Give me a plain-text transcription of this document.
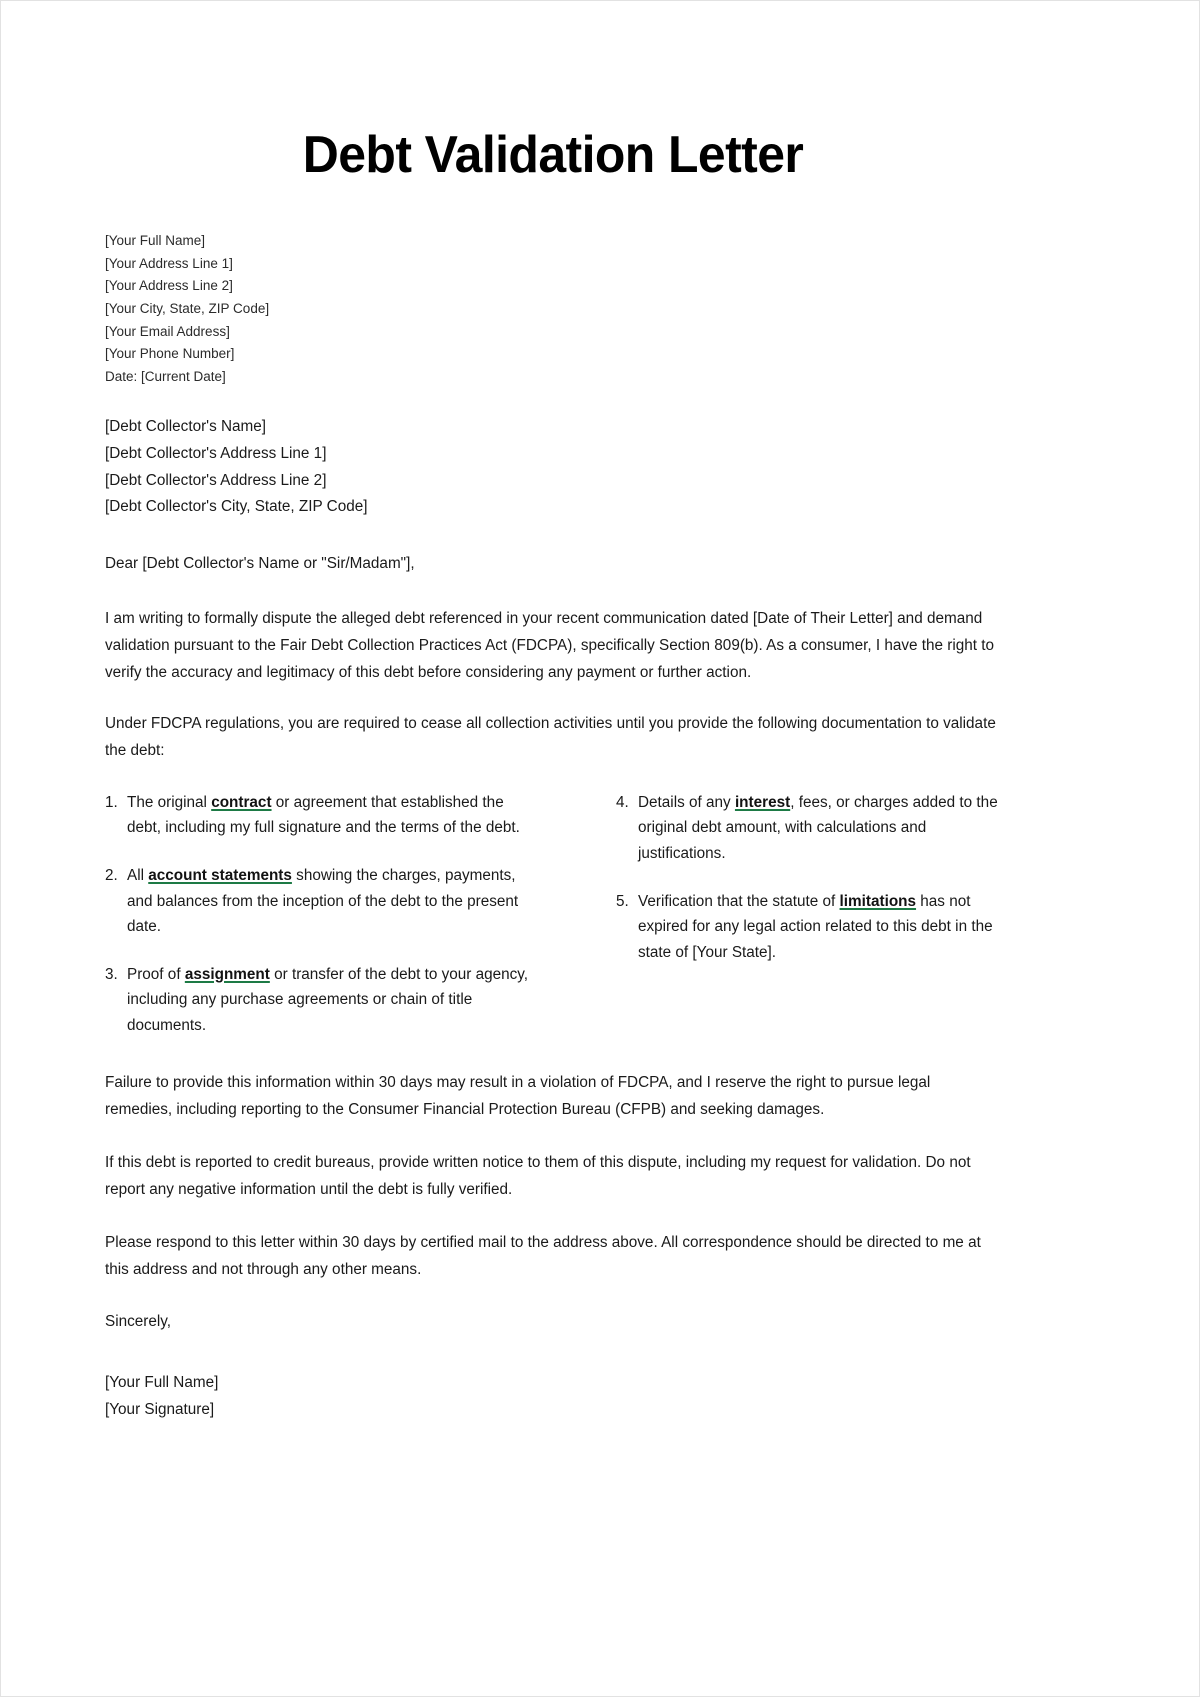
Debt Validation Letter
[Your Full Name]
[Your Address Line 1]
[Your Address Line 2]
[Your City, State, ZIP Code]
[Your Email Address]
[Your Phone Number]
Date: [Current Date]
[Debt Collector's Name]
[Debt Collector's Address Line 1]
[Debt Collector's Address Line 2]
[Debt Collector's City, State, ZIP Code]

Dear [Debt Collector's Name or "Sir/Madam"],

I am writing to formally dispute the alleged debt referenced in your recent communication dated [Date of Their Letter] and demand validation pursuant to the Fair Debt Collection Practices Act (FDCPA), specifically Section 809(b). As a consumer, I have the right to verify the accuracy and legitimacy of this debt before considering any payment or further action.

Under FDCPA regulations, you are required to cease all collection activities until you provide the following documentation to validate the debt:

1. The original contract or agreement that established the debt, including my full signature and the terms of the debt.
2. All account statements showing the charges, payments, and balances from the inception of the debt to the present date.
3. Proof of assignment or transfer of the debt to your agency, including any purchase agreements or chain of title documents.
4. Details of any interest, fees, or charges added to the original debt amount, with calculations and justifications.
5. Verification that the statute of limitations has not expired for any legal action related to this debt in the state of [Your State].

Failure to provide this information within 30 days may result in a violation of FDCPA, and I reserve the right to pursue legal remedies, including reporting to the Consumer Financial Protection Bureau (CFPB) and seeking damages.

If this debt is reported to credit bureaus, provide written notice to them of this dispute, including my request for validation. Do not report any negative information until the debt is fully verified.

Please respond to this letter within 30 days by certified mail to the address above. All correspondence should be directed to me at this address and not through any other means.

Sincerely,

[Your Full Name]
[Your Signature]
